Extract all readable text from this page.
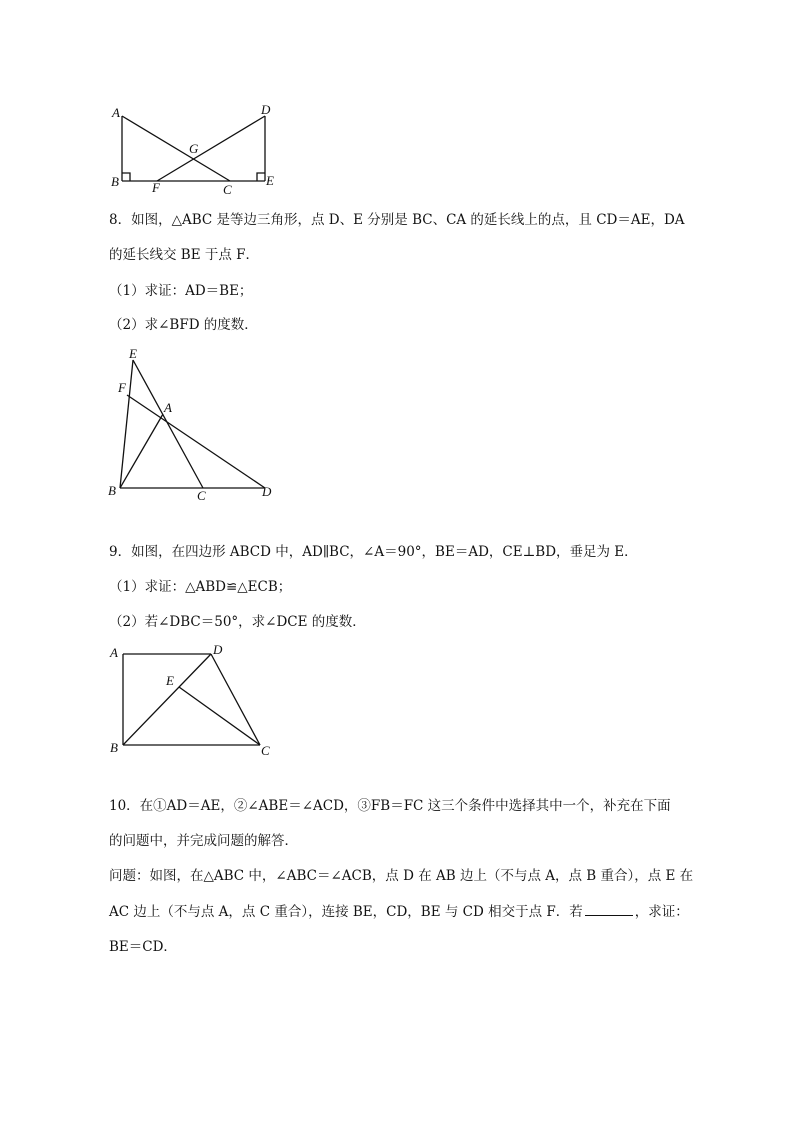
A	D
G
B	F	C
E
8．如图，△ABC 是等边三角形，点 D、E 分别是 BC、CA 的延长线上的点，且 CD＝AE，DA
的延长线交 BE 于点 F．
（1）求证：AD＝BE；
（2）求∠BFD 的度数．
E
F
A
B	C	D
9．如图，在四边形 ABCD 中，AD∥BC，∠A＝90°，BE＝AD，CE⊥BD，垂足为 E．
（1）求证：△ABD≌△ECB；
（2）若∠DBC＝50°，求∠DCE 的度数．
A	D
E
B	C
10．在①AD＝AE，②∠ABE＝∠ACD，③FB＝FC 这三个条件中选择其中一个，补充在下面
的问题中，并完成问题的解答．
问题：如图，在△ABC 中，∠ABC＝∠ACB，点 D 在 AB 边上（不与点 A，点 B 重合），点 E 在
AC 边上（不与点 A，点 C 重合），连接 BE，CD，BE 与 CD 相交于点 F．若	，求证：
BE＝CD．
